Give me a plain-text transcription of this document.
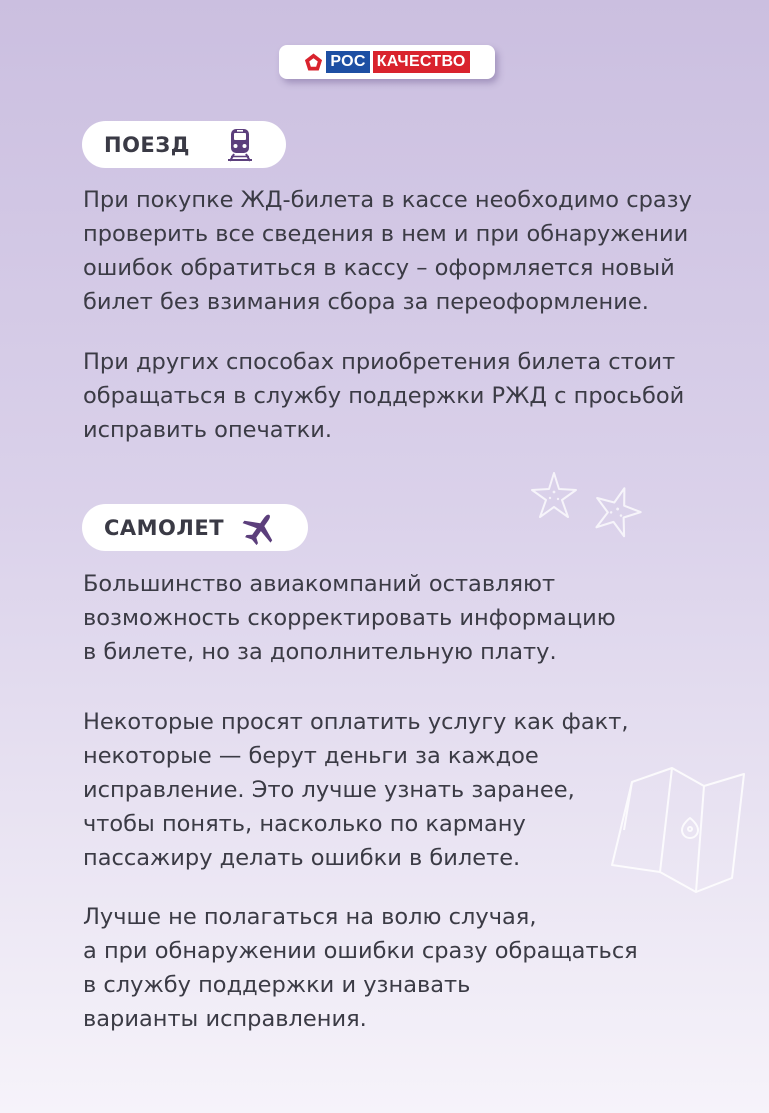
РОС КАЧЕСТВО
ПОЕЗД

При покупке ЖД-билета в кассе необходимо сразу
проверить все сведения в нем и при обнаружении
ошибок обратиться в кассу – оформляется новый
билет без взимания сбора за переоформление.

При других способах приобретения билета стоит
обращаться в службу поддержки РЖД с просьбой
исправить опечатки.

САМОЛЕТ

Большинство авиакомпаний оставляют
возможность скорректировать информацию
в билете, но за дополнительную плату.

Некоторые просят оплатить услугу как факт,
некоторые — берут деньги за каждое
исправление. Это лучше узнать заранее,
чтобы понять, насколько по карману
пассажиру делать ошибки в билете.

Лучше не полагаться на волю случая,
а при обнаружении ошибки сразу обращаться
в службу поддержки и узнавать
варианты исправления.
